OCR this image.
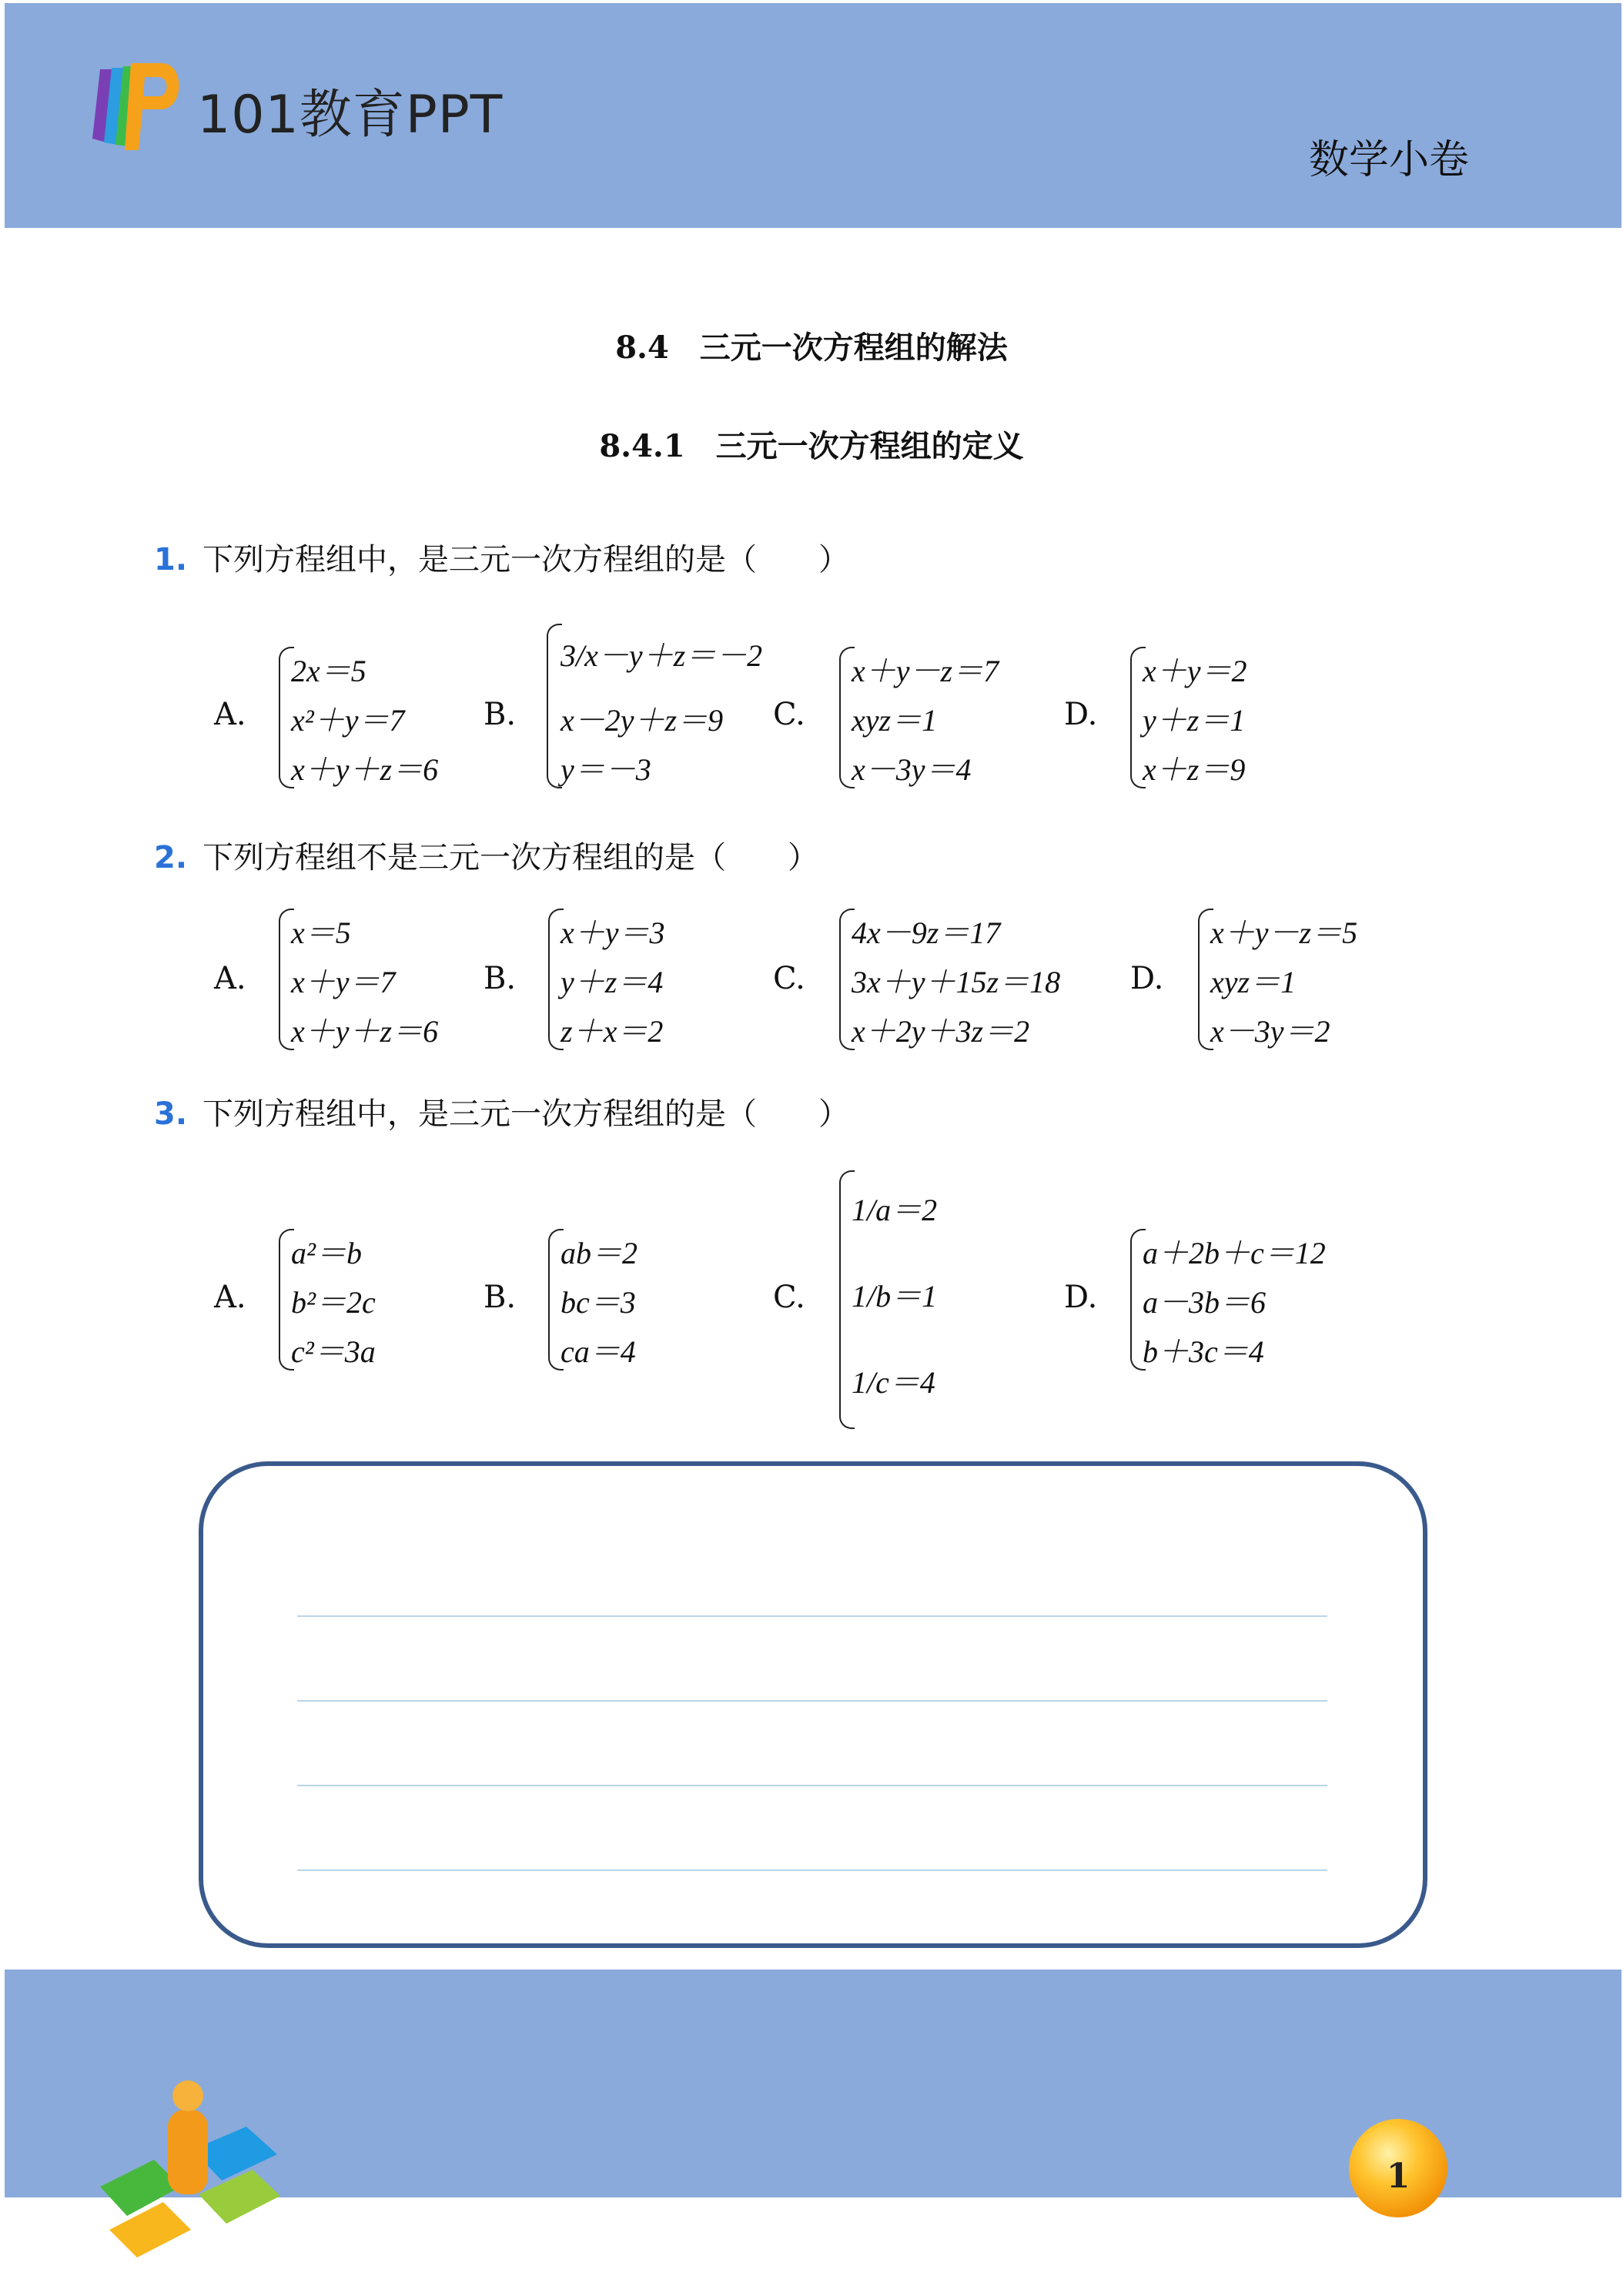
101教育PPT
数学小卷
8.4　三元一次方程组的解法
8.4.1　三元一次方程组的定义
1. 下列方程组中，是三元一次方程组的是（　　）
A.
2x＝5
x²＋y＝7
x＋y＋z＝6
B.
3/x－y＋z＝－2
x－2y＋z＝9
y＝－3
C.
x＋y－z＝7
xyz＝1
x－3y＝4
D.
x＋y＝2
y＋z＝1
x＋z＝9
2. 下列方程组不是三元一次方程组的是（　　）
A.
x＝5
x＋y＝7
x＋y＋z＝6
B.
x＋y＝3
y＋z＝4
z＋x＝2
C.
4x－9z＝17
3x＋y＋15z＝18
x＋2y＋3z＝2
D.
x＋y－z＝5
xyz＝1
x－3y＝2
3. 下列方程组中，是三元一次方程组的是（　　）
A.
a²＝b
b²＝2c
c²＝3a
B.
ab＝2
bc＝3
ca＝4
C.
1/a＝2
1/b＝1
1/c＝4
D.
a＋2b＋c＝12
a－3b＝6
b＋3c＝4
1
